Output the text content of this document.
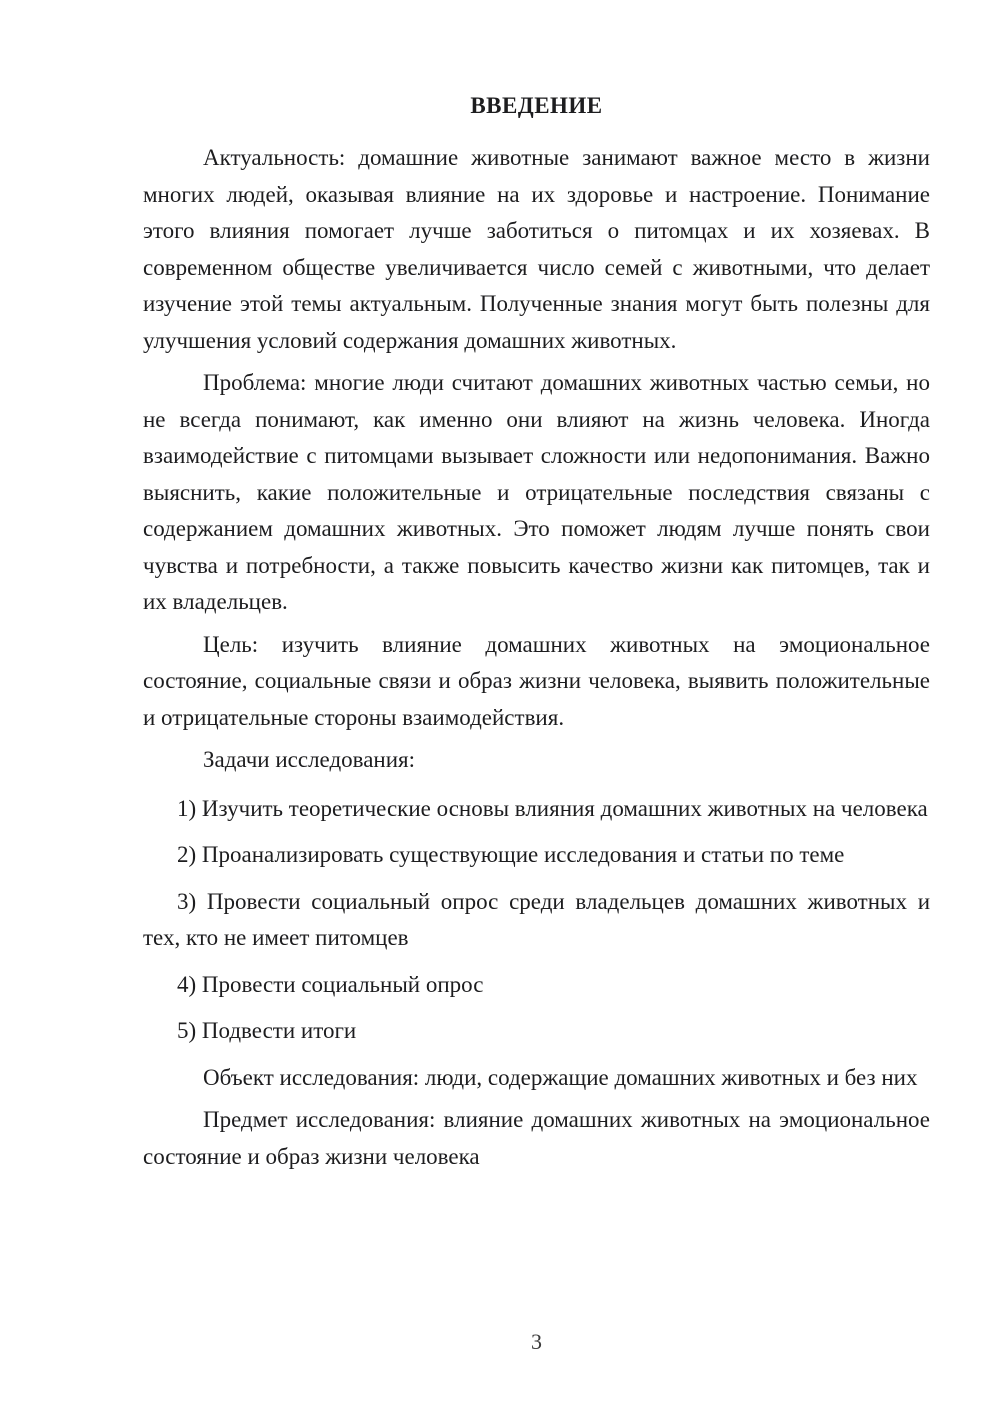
ВВЕДЕНИЕ

Актуальность: домашние животные занимают важное место в жизни многих людей, оказывая влияние на их здоровье и настроение. Понимание этого влияния помогает лучше заботиться о питомцах и их хозяевах. В современном обществе увеличивается число семей с животными, что делает изучение этой темы актуальным. Полученные знания могут быть полезны для улучшения условий содержания домашних животных.

Проблема: многие люди считают домашних животных частью семьи, но не всегда понимают, как именно они влияют на жизнь человека. Иногда взаимодействие с питомцами вызывает сложности или недопонимания. Важно выяснить, какие положительные и отрицательные последствия связаны с содержанием домашних животных. Это поможет людям лучше понять свои чувства и потребности, а также повысить качество жизни как питомцев, так и их владельцев.

Цель: изучить влияние домашних животных на эмоциональное состояние, социальные связи и образ жизни человека, выявить положительные и отрицательные стороны взаимодействия.

Задачи исследования:

1) Изучить теоретические основы влияния домашних животных на человека

2) Проанализировать существующие исследования и статьи по теме

3) Провести социальный опрос среди владельцев домашних животных и тех, кто не имеет питомцев

4) Провести социальный опрос

5) Подвести итоги

Объект исследования: люди, содержащие домашних животных и без них

Предмет исследования: влияние домашних животных на эмоциональное состояние и образ жизни человека

3
